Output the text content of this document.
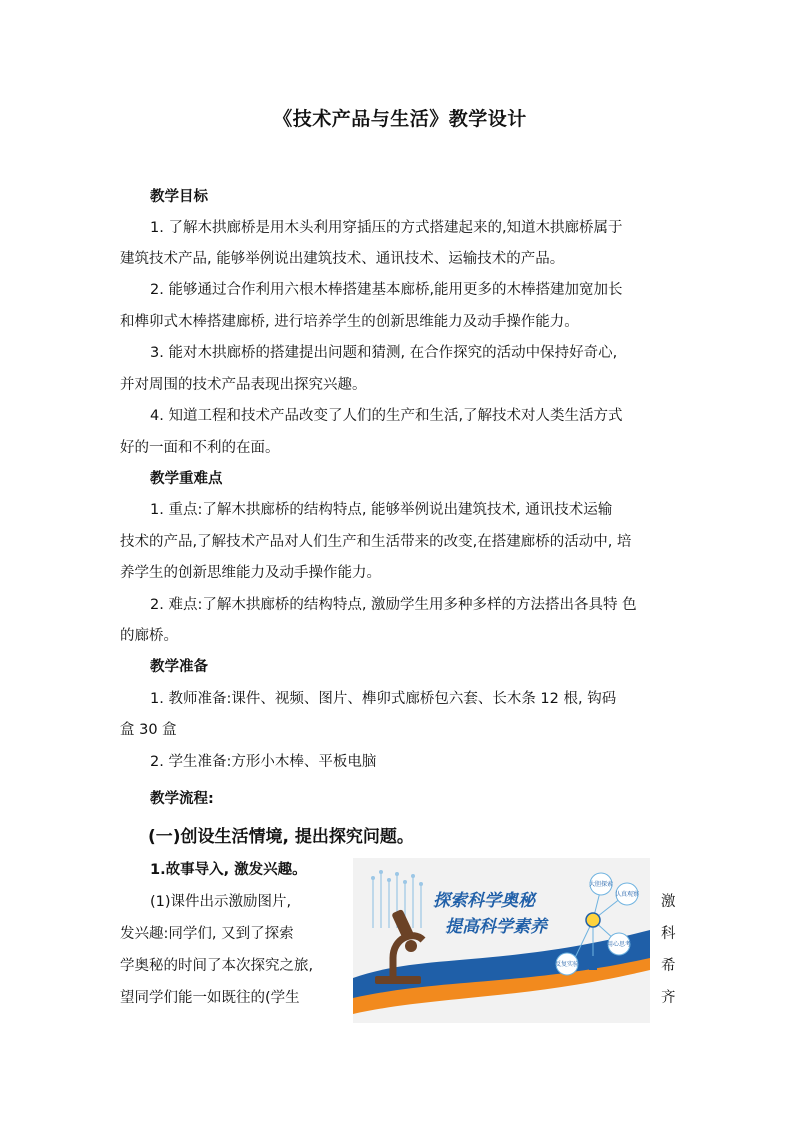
《技术产品与生活》教学设计
教学目标
1. 了解木拱廊桥是用木头利用穿插压的方式搭建起来的,知道木拱廊桥属于
建筑技术产品, 能够举例说出建筑技术、通讯技术、运输技术的产品。
2. 能够通过合作利用六根木棒搭建基本廊桥,能用更多的木棒搭建加宽加长
和榫卯式木棒搭建廊桥, 进行培养学生的创新思维能力及动手操作能力。
3. 能对木拱廊桥的搭建提出问题和猜测, 在合作探究的活动中保持好奇心,
并对周围的技术产品表现出探究兴趣。
4. 知道工程和技术产品改变了人们的生产和生活,了解技术对人类生活方式
好的一面和不利的在面。
教学重难点
1. 重点:了解木拱廊桥的结构特点, 能够举例说出建筑技术, 通讯技术运输
技术的产品,了解技术产品对人们生产和生活带来的改变,在搭建廊桥的活动中, 培
养学生的创新思维能力及动手操作能力。
2. 难点:了解木拱廊桥的结构特点, 激励学生用多种多样的方法搭出各具特 色
的廊桥。
教学准备
1. 教师准备:课件、视频、图片、榫卯式廊桥包六套、长木条 12 根, 钩码
盒 30 盒
2. 学生准备:方形小木棒、平板电脑
教学流程:
(一)创设生活情境, 提出探究问题。
1.故事导入, 激发兴趣。
(1)课件出示激励图片,
发兴趣:同学们, 又到了探索
学奥秘的时间了本次探究之旅,
望同学们能一如既往的(学生
激
科
希
齐
探索科学奥秘
提高科学素养
大胆探索
认真观察
用心思考
反复实验
